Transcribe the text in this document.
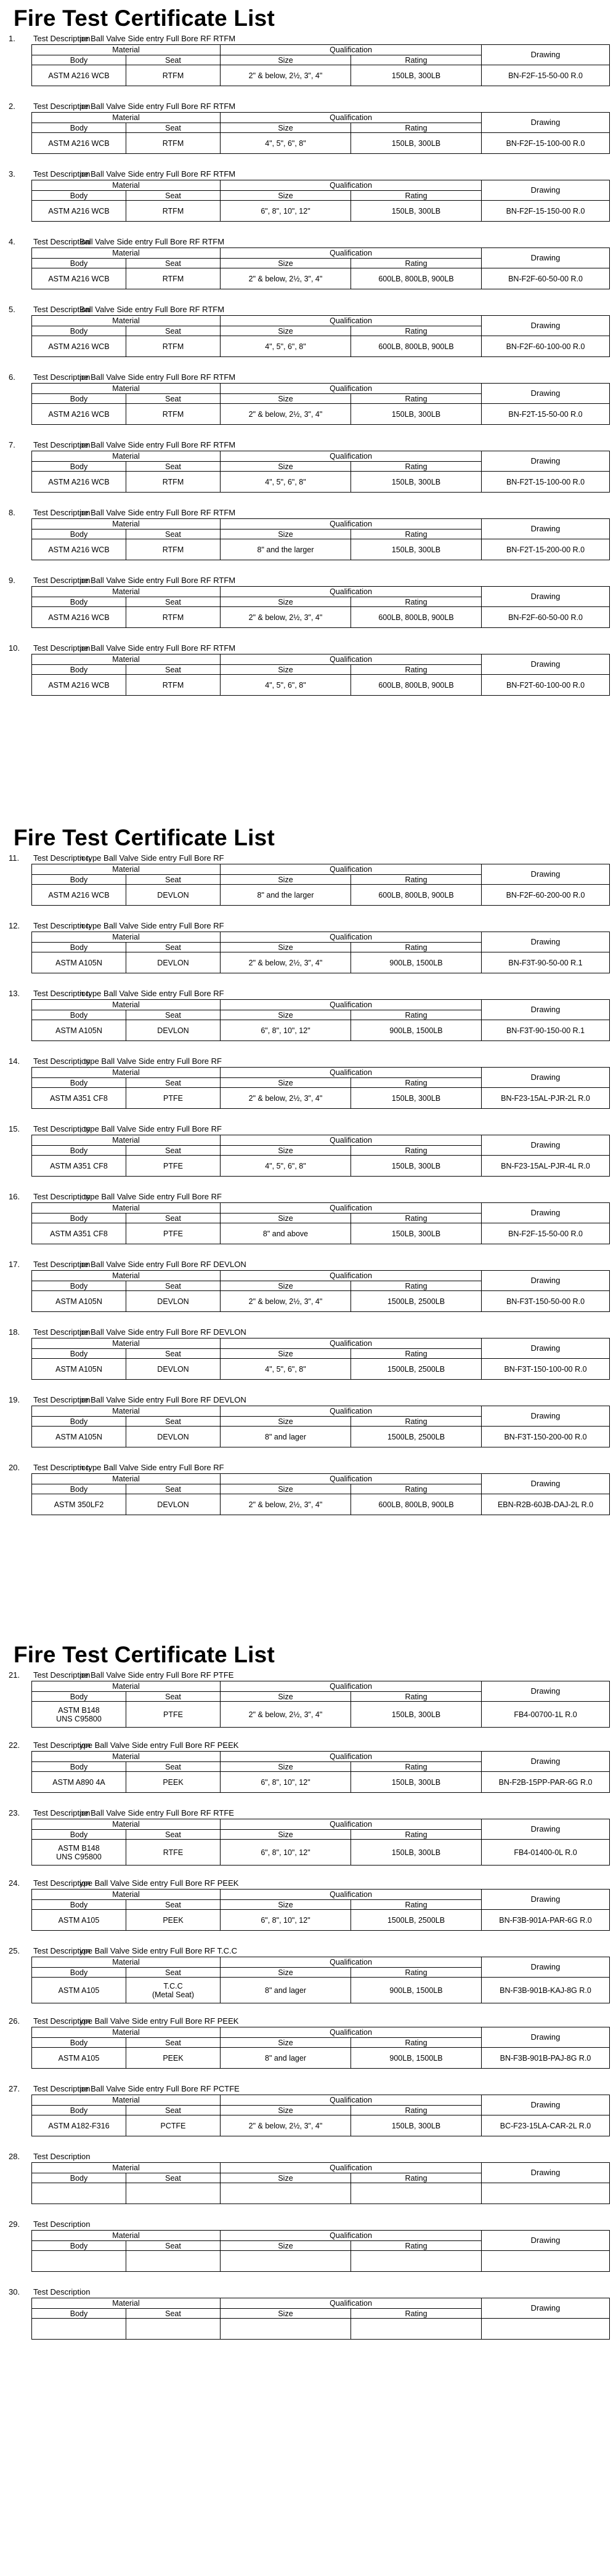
Fire Test Certificate List
1. Test Descriptionpe Ball Valve Side entry Full Bore RF RTFM
Material		Qualification		Drawing
Body	Seat	Size	Rating	
ASTM A216 WCB	RTFM	2" & below, 2½, 3", 4"	150LB, 300LB	BN-F2F-15-50-00 R.0
2. Test Descriptionpe Ball Valve Side entry Full Bore RF RTFM
Material		Qualification		Drawing
Body	Seat	Size	Rating	
ASTM A216 WCB	RTFM	4", 5", 6", 8"	150LB, 300LB	BN-F2F-15-100-00 R.0
3. Test Descriptionpe Ball Valve Side entry Full Bore RF RTFM
Material		Qualification		Drawing
Body	Seat	Size	Rating	
ASTM A216 WCB	RTFM	6", 8", 10", 12"	150LB, 300LB	BN-F2F-15-150-00 R.0
4. Test DescriptionBall Valve Side entry Full Bore RF RTFM
Material		Qualification		Drawing
Body	Seat	Size	Rating	
ASTM A216 WCB	RTFM	2" & below, 2½, 3", 4"	600LB, 800LB, 900LB	BN-F2F-60-50-00 R.0
5. Test DescriptionBall Valve Side entry Full Bore RF RTFM
Material		Qualification		Drawing
Body	Seat	Size	Rating	
ASTM A216 WCB	RTFM	4", 5", 6", 8"	600LB, 800LB, 900LB	BN-F2F-60-100-00 R.0
6. Test Descriptionpe Ball Valve Side entry Full Bore RF RTFM
Material		Qualification		Drawing
Body	Seat	Size	Rating	
ASTM A216 WCB	RTFM	2" & below, 2½, 3", 4"	150LB, 300LB	BN-F2T-15-50-00 R.0
7. Test Descriptionpe Ball Valve Side entry Full Bore RF RTFM
Material		Qualification		Drawing
Body	Seat	Size	Rating	
ASTM A216 WCB	RTFM	4", 5", 6", 8"	150LB, 300LB	BN-F2T-15-100-00 R.0
8. Test Descriptionpe Ball Valve Side entry Full Bore RF RTFM
Material		Qualification		Drawing
Body	Seat	Size	Rating	
ASTM A216 WCB	RTFM	8" and the larger	150LB, 300LB	BN-F2T-15-200-00 R.0
9. Test Descriptionpe Ball Valve Side entry Full Bore RF RTFM
Material		Qualification		Drawing
Body	Seat	Size	Rating	
ASTM A216 WCB	RTFM	2" & below, 2½, 3", 4"	600LB, 800LB, 900LB	BN-F2F-60-50-00 R.0
10. Test Descriptionpe Ball Valve Side entry Full Bore RF RTFM
Material		Qualification		Drawing
Body	Seat	Size	Rating	
ASTM A216 WCB	RTFM	4", 5", 6", 8"	600LB, 800LB, 900LB	BN-F2T-60-100-00 R.0
Fire Test Certificate List
11. Test Descriptionn type Ball Valve Side entry Full Bore RF
Material		Qualification		Drawing
Body	Seat	Size	Rating	
ASTM A216 WCB	DEVLON	8" and the larger	600LB, 800LB, 900LB	BN-F2F-60-200-00 R.0
12. Test Descriptionn type Ball Valve Side entry Full Bore RF
Material		Qualification		Drawing
Body	Seat	Size	Rating	
ASTM A105N	DEVLON	2" & below, 2½, 3", 4"	900LB, 1500LB	BN-F3T-90-50-00 R.1
13. Test Descriptionn type Ball Valve Side entry Full Bore RF
Material		Qualification		Drawing
Body	Seat	Size	Rating	
ASTM A105N	DEVLON	6", 8", 10", 12"	900LB, 1500LB	BN-F3T-90-150-00 R.1
14. Test Description; type Ball Valve Side entry Full Bore RF
Material		Qualification		Drawing
Body	Seat	Size	Rating	
ASTM A351 CF8	PTFE	2" & below, 2½, 3", 4"	150LB, 300LB	BN-F23-15AL-PJR-2L R.0
15. Test Description; type Ball Valve Side entry Full Bore RF
Material		Qualification		Drawing
Body	Seat	Size	Rating	
ASTM A351 CF8	PTFE	4", 5", 6", 8"	150LB, 300LB	BN-F23-15AL-PJR-4L R.0
16. Test Description; type Ball Valve Side entry Full Bore RF
Material		Qualification		Drawing
Body	Seat	Size	Rating	
ASTM A351 CF8	PTFE	8" and above	150LB, 300LB	BN-F2F-15-50-00 R.0
17. Test Descriptionpe Ball Valve Side entry Full Bore RF DEVLON
Material		Qualification		Drawing
Body	Seat	Size	Rating	
ASTM A105N	DEVLON	2" & below, 2½, 3", 4"	1500LB, 2500LB	BN-F3T-150-50-00 R.0
18. Test Descriptionpe Ball Valve Side entry Full Bore RF DEVLON
Material		Qualification		Drawing
Body	Seat	Size	Rating	
ASTM A105N	DEVLON	4", 5", 6", 8"	1500LB, 2500LB	BN-F3T-150-100-00 R.0
19. Test Descriptionpe Ball Valve Side entry Full Bore RF DEVLON
Material		Qualification		Drawing
Body	Seat	Size	Rating	
ASTM A105N	DEVLON	8" and lager	1500LB, 2500LB	BN-F3T-150-200-00 R.0
20. Test Descriptionn type Ball Valve Side entry Full Bore RF
Material		Qualification		Drawing
Body	Seat	Size	Rating	
ASTM 350LF2	DEVLON	2" & below, 2½, 3", 4"	600LB, 800LB, 900LB	EBN-R2B-60JB-DAJ-2L R.0
Fire Test Certificate List
21. Test Descriptionpe Ball Valve Side entry Full Bore RF PTFE
Material		Qualification		Drawing
Body	Seat	Size	Rating	
ASTM B148
UNS C95800	PTFE	2" & below, 2½, 3", 4"	150LB, 300LB	FB4-00700-1L R.0
22. Test Descriptionype Ball Valve Side entry Full Bore RF PEEK
Material		Qualification		Drawing
Body	Seat	Size	Rating	
ASTM A890 4A	PEEK	6", 8", 10", 12"	150LB, 300LB	BN-F2B-15PP-PAR-6G R.0
23. Test Descriptionpe Ball Valve Side entry Full Bore RF RTFE
Material		Qualification		Drawing
Body	Seat	Size	Rating	
ASTM B148
UNS C95800	RTFE	6", 8", 10", 12"	150LB, 300LB	FB4-01400-0L R.0
24. Test Descriptionype Ball Valve Side entry Full Bore RF PEEK
Material		Qualification		Drawing
Body	Seat	Size	Rating	
ASTM A105	PEEK	6", 8", 10", 12"	1500LB, 2500LB	BN-F3B-901A-PAR-6G R.0
25. Test Descriptionype Ball Valve Side entry Full Bore RF T.C.C
Material		Qualification		Drawing
Body	Seat	Size	Rating	
ASTM A105	T.C.C
(Metal Seat)	8" and lager	900LB, 1500LB	BN-F3B-901B-KAJ-8G R.0
26. Test Descriptionype Ball Valve Side entry Full Bore RF PEEK
Material		Qualification		Drawing
Body	Seat	Size	Rating	
ASTM A105	PEEK	8" and lager	900LB, 1500LB	BN-F3B-901B-PAJ-8G R.0
27. Test Descriptionpe Ball Valve Side entry Full Bore RF PCTFE
Material		Qualification		Drawing
Body	Seat	Size	Rating	
ASTM A182-F316	PCTFE	2" & below, 2½, 3", 4"	150LB, 300LB	BC-F23-15LA-CAR-2L R.0
28. Test Description
Material		Qualification		Drawing
Body	Seat	Size	Rating	

29. Test Description
Material		Qualification		Drawing
Body	Seat	Size	Rating	

30. Test Description
Material		Qualification		Drawing
Body	Seat	Size	Rating	
